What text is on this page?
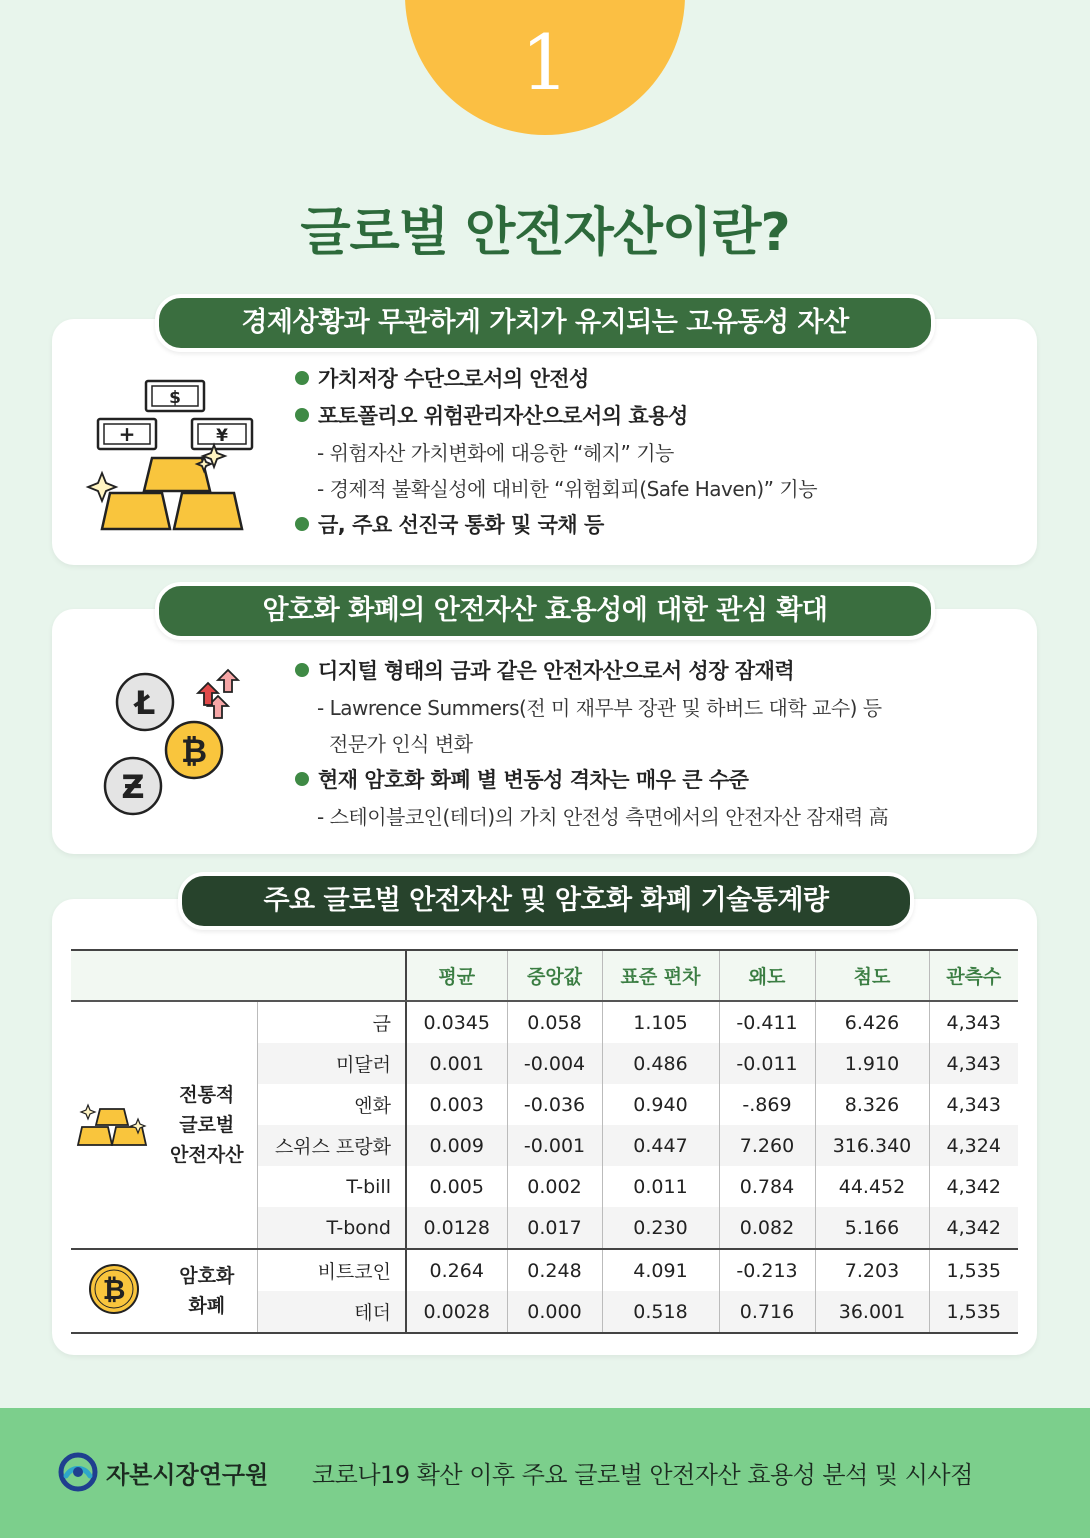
1
글로벌 안전자산이란?
경제상황과 무관하게 가치가 유지되는 고유동성 자산
$
+	¥
가치저장 수단으로서의 안전성
포토폴리오 위험관리자산으로서의 효용성
- 위험자산 가치변화에 대응한 “헤지” 기능
- 경제적 불확실성에 대비한 “위험회피(Safe Haven)” 기능
금, 주요 선진국 통화 및 국채 등
암호화 화폐의 안전자산 효용성에 대한 관심 확대
Ł
Ƶ
₿
디지털 형태의 금과 같은 안전자산으로서 성장 잠재력
- Lawrence Summers(전 미 재무부 장관 및 하버드 대학 교수) 등
전문가 인식 변화
현재 암호화 화폐 별 변동성 격차는 매우 큰 수준
- 스테이블코인(테더)의 가치 안전성 측면에서의 안전자산 잠재력 高
주요 글로벌 안전자산 및 암호화 화폐 기술통계량
			평균	중앙값	표준 편차	왜도	첨도	관측수

전통적
글로벌
안전자산	금	0.0345	0.058	1.105	-0.411	6.426	4,343
		미달러	0.001	-0.004	0.486	-0.011	1.910	4,343
		엔화	0.003	-0.036	0.940	-.869	8.326	4,343
		스위스 프랑화	0.009	-0.001	0.447	7.260	316.340	4,324
		T-bill	0.005	0.002	0.011	0.784	44.452	4,342
		T-bond	0.0128	0.017	0.230	0.082	5.166	4,342

₿	암호화
화폐	비트코인	0.264	0.248	4.091	-0.213	7.203	1,535
		테더	0.0028	0.000	0.518	0.716	36.001	1,535
자본시장연구원 코로나19 확산 이후 주요 글로벌 안전자산 효용성 분석 및 시사점
